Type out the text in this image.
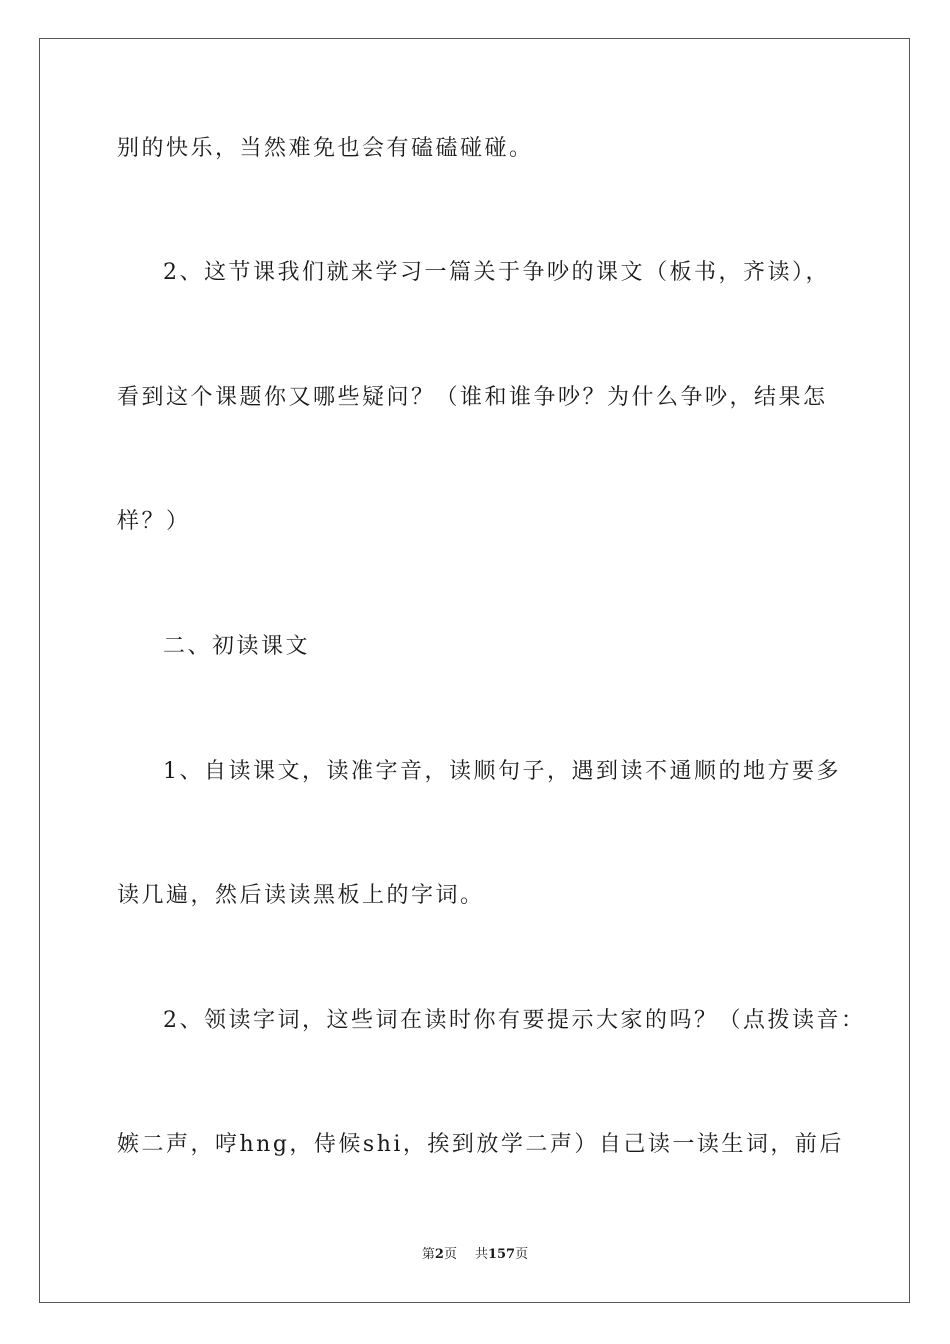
别的快乐，当然难免也会有磕磕碰碰。
2、这节课我们就来学习一篇关于争吵的课文（板书，齐读），
看到这个课题你又哪些疑问？（谁和谁争吵？为什么争吵，结果怎
样？）
二、初读课文
1、自读课文，读准字音，读顺句子，遇到读不通顺的地方要多
读几遍，然后读读黑板上的字词。
2、领读字词，这些词在读时你有要提示大家的吗？（点拨读音：
嫉二声，哼hng，侍候shi，挨到放学二声）自己读一读生词，前后
第2页 共157页
